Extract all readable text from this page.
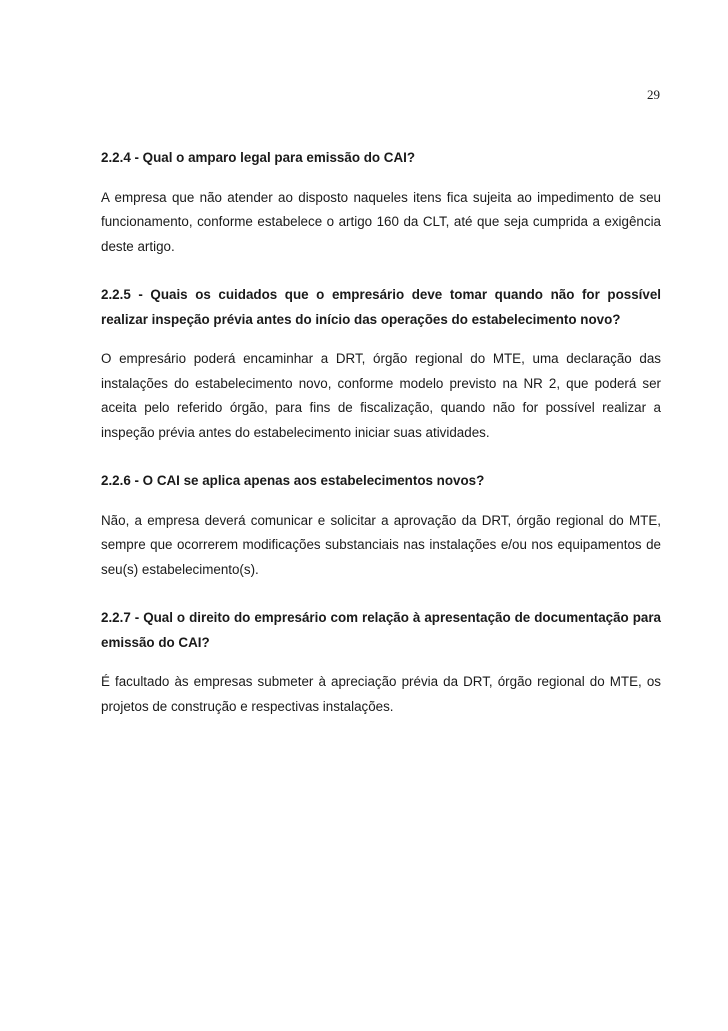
29

2.2.4 - Qual o amparo legal para emissão do CAI?

A empresa que não atender ao disposto naqueles itens fica sujeita ao impedimento de seu funcionamento, conforme estabelece o artigo 160 da CLT, até que seja cumprida a exigência deste artigo.

2.2.5 - Quais os cuidados que o empresário deve tomar quando não for possível realizar inspeção prévia antes do início das operações do estabelecimento novo?

O empresário poderá encaminhar a DRT, órgão regional do MTE, uma declaração das instalações do estabelecimento novo, conforme modelo previsto na NR 2, que poderá ser aceita pelo referido órgão, para fins de fiscalização, quando não for possível realizar a inspeção prévia antes do estabelecimento iniciar suas atividades.

2.2.6 - O CAI se aplica apenas aos estabelecimentos novos?

Não, a empresa deverá comunicar e solicitar a aprovação da DRT, órgão regional do MTE, sempre que ocorrerem modificações substanciais nas instalações e/ou nos equipamentos de seu(s) estabelecimento(s).

2.2.7 - Qual o direito do empresário com relação à apresentação de documentação para emissão do CAI?

É facultado às empresas submeter à apreciação prévia da DRT, órgão regional do MTE, os projetos de construção e respectivas instalações.
